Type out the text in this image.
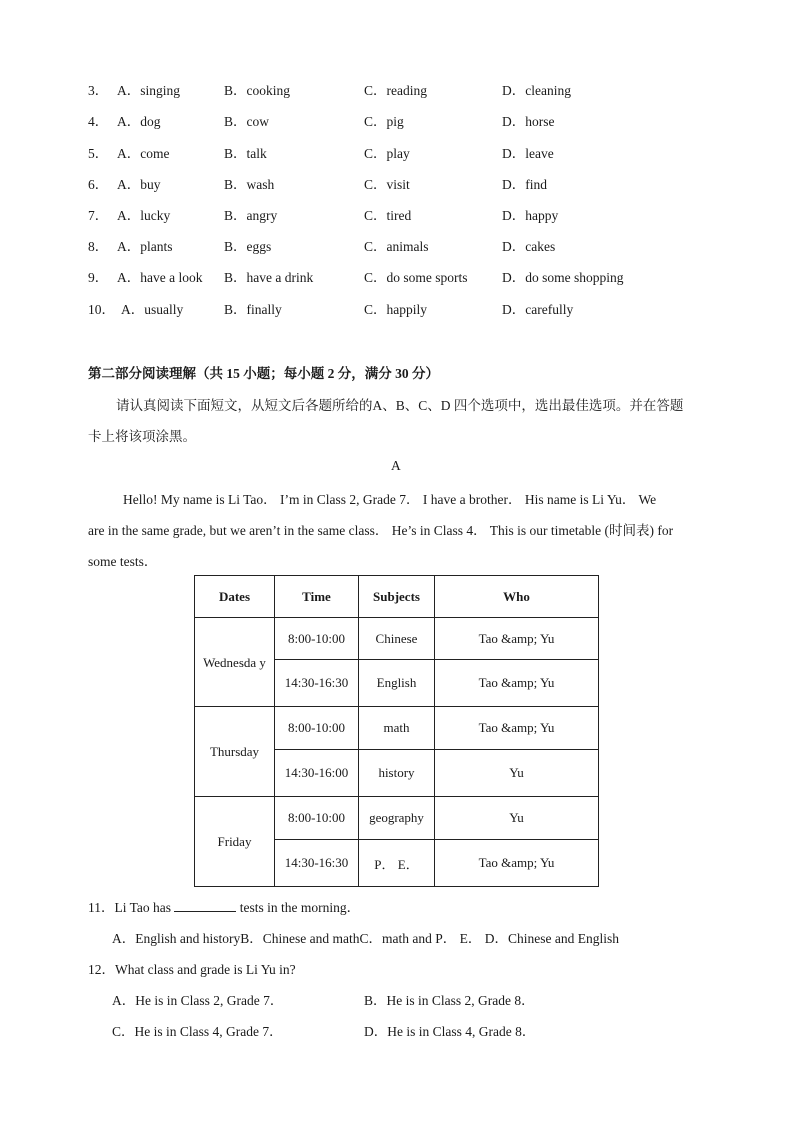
3． A．singing	B．cooking	C．reading	D．cleaning
4． A．dog	B．cow	C．pig	D．horse
5． A．come	B．talk	C．play	D．leave
6． A．buy	B．wash	C．visit	D．find
7． A．lucky	B．angry	C．tired	D．happy
8． A．plants	B．eggs	C．animals	D．cakes
9． A．have a look B．have a drink	C．do some sports	D．do some shopping
10． A．usually	B．finally	C．happily	D．carefully
第二部分阅读理解（共 15 小题；每小题 2 分，满分 30 分）
请认真阅读下面短文，从短文后各题所给的A、B、C、D 四个选项中，选出最佳选项。并在答题
卡上将该项涂黑。
A
Hello! My name is Li Tao． I’m in Class 2, Grade 7． I have a brother． His name is Li Yu． We
are in the same grade, but we aren’t in the same class． He’s in Class 4． This is our timetable (时间表) for
some tests．
Dates	Time	Subjects	Who
Wednesda y	8:00-10:00	Chinese	Tao &amp; Yu
	14:30-16:30	English	Tao &amp; Yu
Thursday	8:00-10:00	math	Tao &amp; Yu
	14:30-16:00	history	Yu
Friday	8:00-10:00	geography	Yu
	14:30-16:30	P． E．	Tao &amp; Yu
11．Li Tao has	tests in the morning．
A．English and historyB．Chinese and mathC．math and P． E． D．Chinese and English
12．What class and grade is Li Yu in?
A．He is in Class 2, Grade 7．	B．He is in Class 2, Grade 8．
C．He is in Class 4, Grade 7．	D．He is in Class 4, Grade 8．
